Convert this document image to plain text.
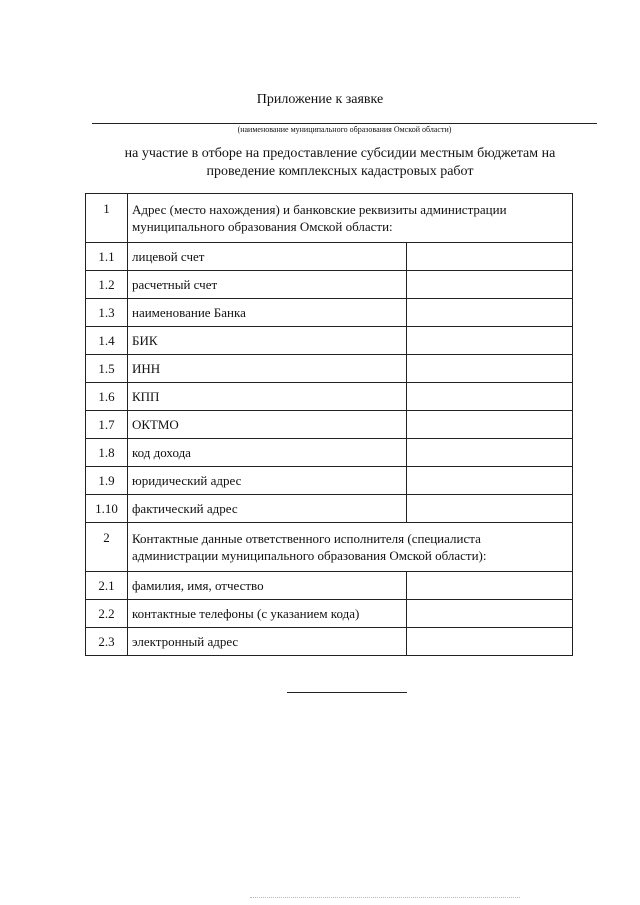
Приложение к заявке
(наименование муниципального образования Омской области)
на участие в отборе на предоставление субсидии местным бюджетам на
проведение комплексных кадастровых работ
1	Адрес (место нахождения) и банковские реквизиты администрации муниципального образования Омской области:	
1.1	лицевой счет	
1.2	расчетный счет	
1.3	наименование Банка	
1.4	БИК	
1.5	ИНН	
1.6	КПП	
1.7	ОКТМО	
1.8	код дохода	
1.9	юридический адрес	
1.10	фактический адрес	
2	Контактные данные ответственного исполнителя (специалиста администрации муниципального образования Омской области):	
2.1	фамилия, имя, отчество	
2.2	контактные телефоны (с указанием кода)	
2.3	электронный адрес	
